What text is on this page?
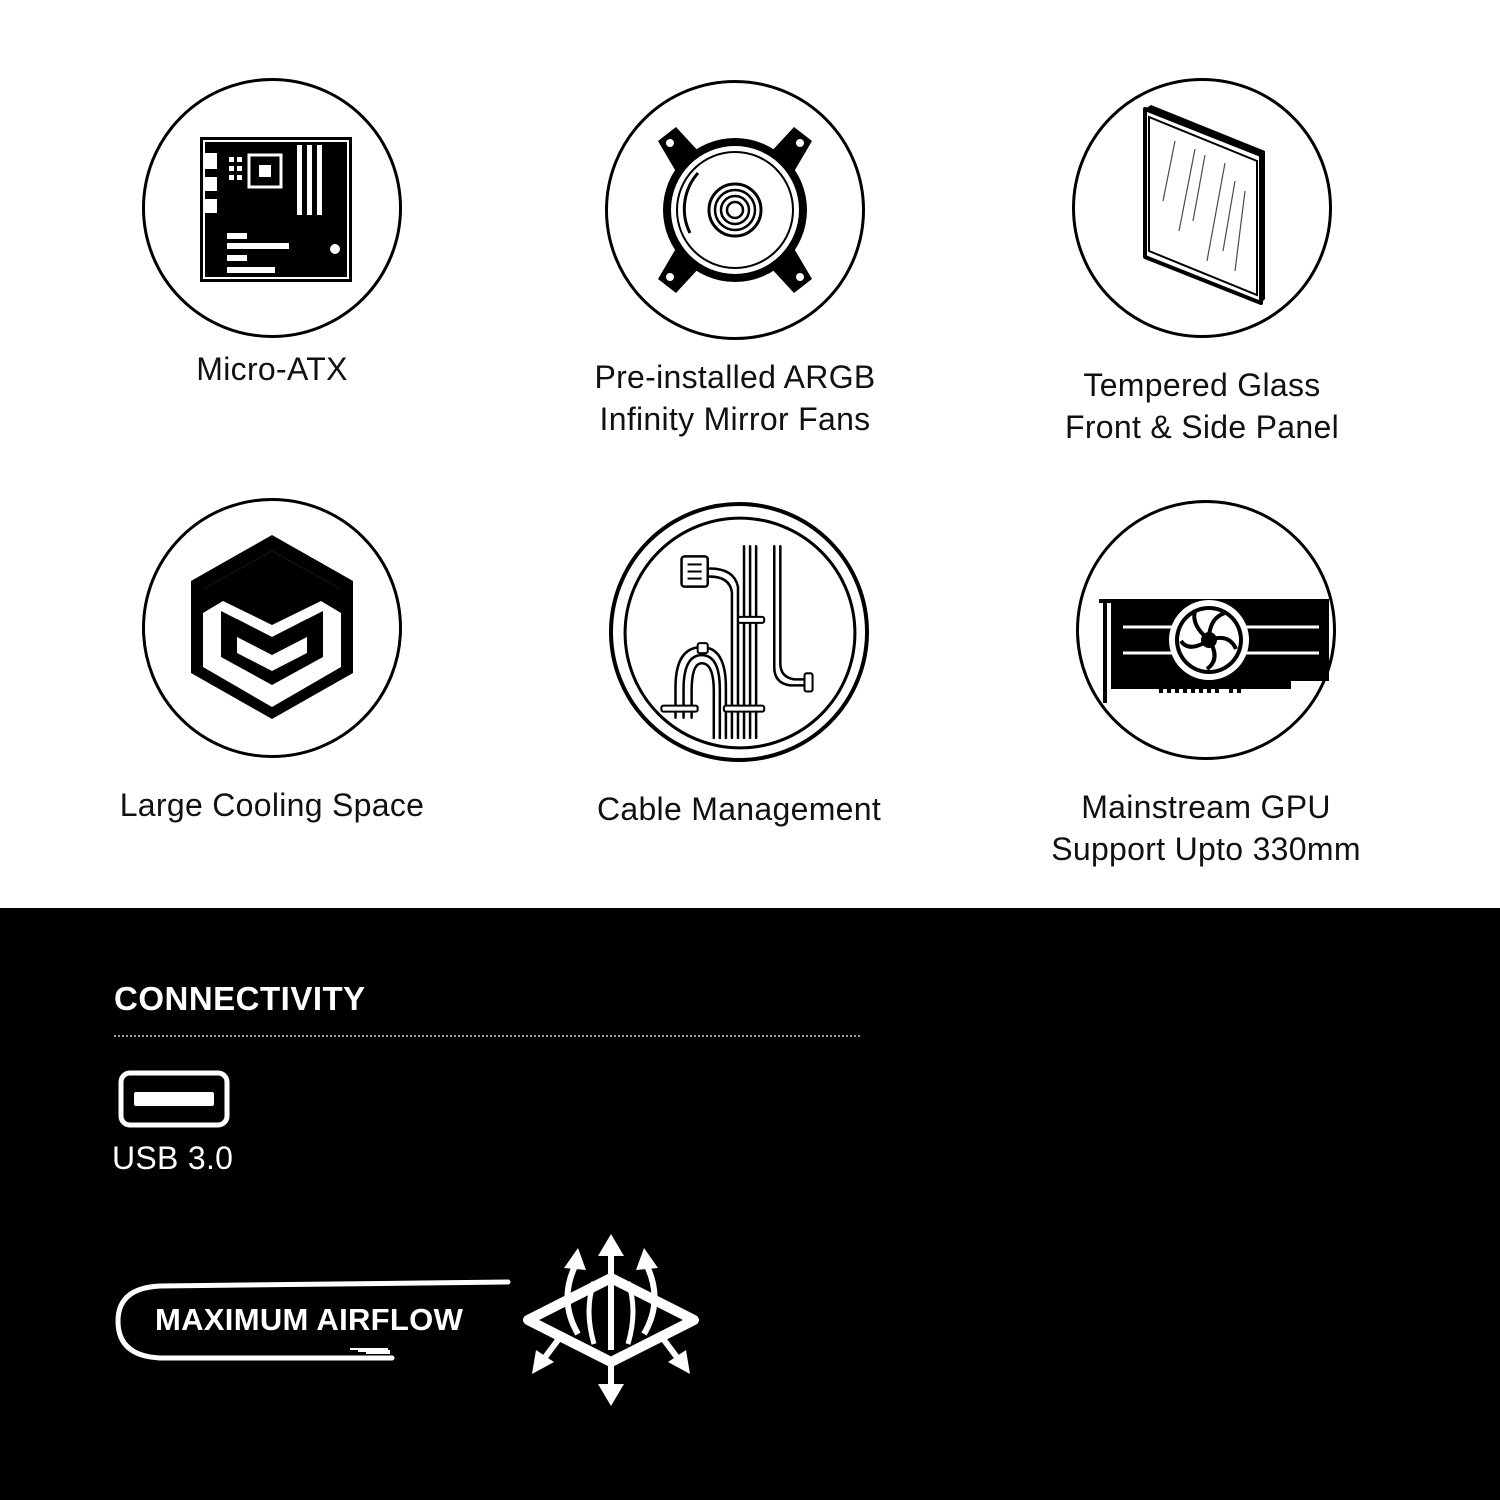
Micro-ATX	Pre-installed ARGB
Infinity Mirror Fans
Tempered Glass
Front & Side Panel
Large Cooling Space	Cable Management	Mainstream GPU
Support Upto 330mm
CONNECTIVITY
USB 3.0
MAXIMUM AIRFLOW
